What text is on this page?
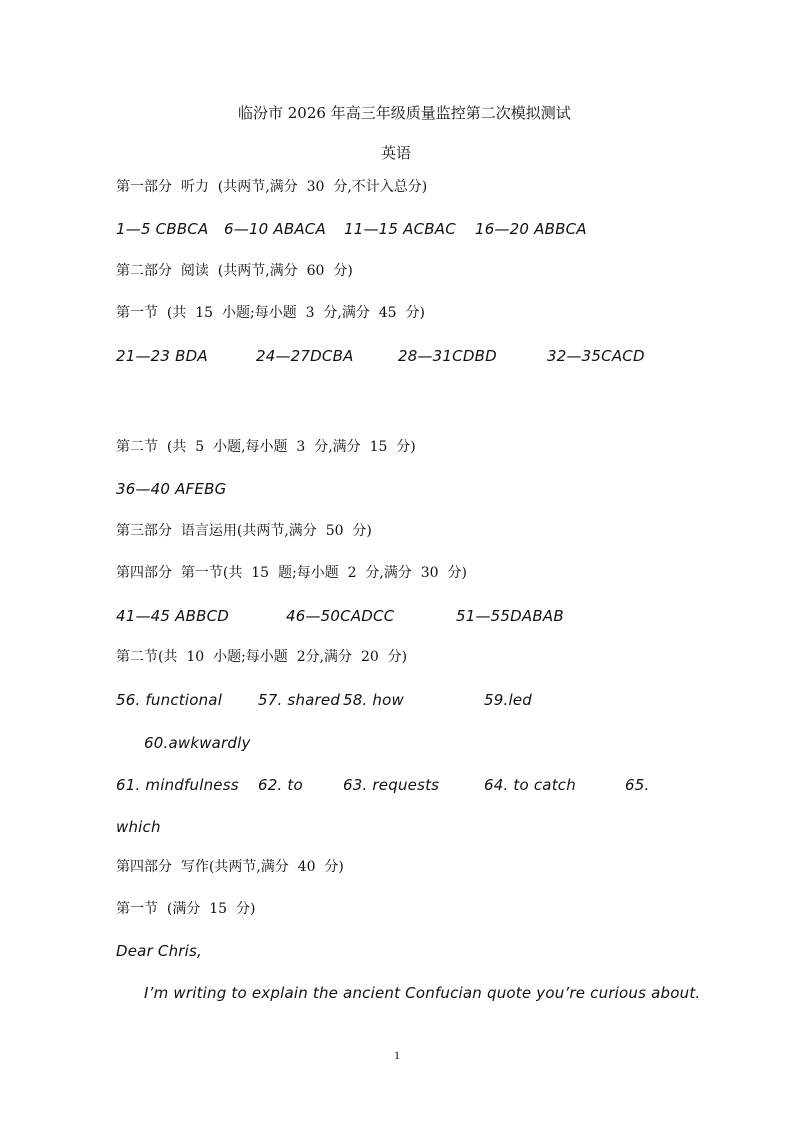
临汾市 2026 年高三年级质量监控第二次模拟测试
英语
第一部分  听力  (共两节,满分  30  分,不计入总分)
1—5 CBBCA 6—10 ABACA 11—15 ACBAC 16—20 ABBCA
第二部分  阅读  (共两节,满分  60  分)
第一节  (共  15  小题;每小题  3  分,满分  45  分)
21—23 BDA	24—27DCBA	28—31CDBD	32—35CACD
第二节  (共  5  小题,每小题  3  分,满分  15  分)
36—40 AFEBG
第三部分  语言运用(共两节,满分  50  分)
第四部分  第一节(共  15  题;每小题  2  分,满分  30  分)
41—45 ABBCD	46—50CADCC	51—55DABAB
第二节(共  10  小题;每小题  2分,满分  20  分)
56. functional 57. shared 58. how	59.led
60.awkwardly
61. mindfulness 62. to	63. requests	64. to catch	65.
which
第四部分  写作(共两节,满分  40  分)
第一节  (满分  15  分)
Dear Chris,
I’m writing to explain the ancient Confucian quote you’re curious about.
1
